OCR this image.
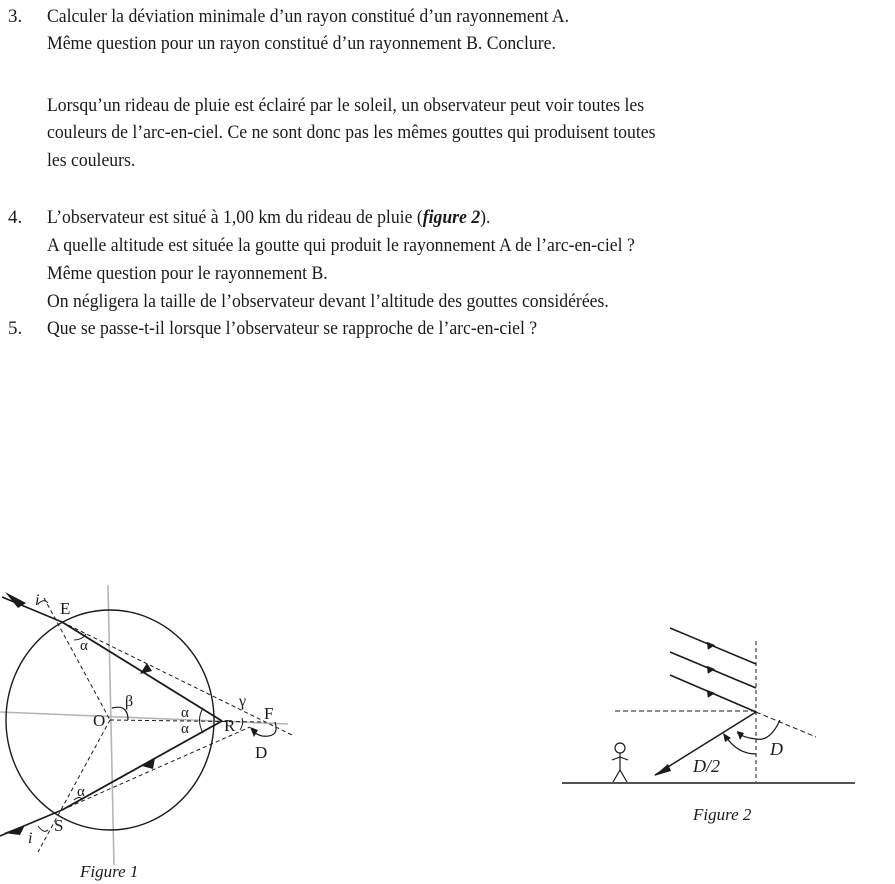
3. Calculer la déviation minimale d’un rayon constitué d’un rayonnement A.
Même question pour un rayon constitué d’un rayonnement B. Conclure.
Lorsqu’un rideau de pluie est éclairé par le soleil, un observateur peut voir toutes les
couleurs de l’arc-en-ciel. Ce ne sont donc pas les mêmes gouttes qui produisent toutes
les couleurs.
4. L’observateur est situé à 1,00 km du rideau de pluie (figure 2).
A quelle altitude est située la goutte qui produit le rayonnement A de l’arc-en-ciel ?
Même question pour le rayonnement B.
On négligera la taille de l’observateur devant l’altitude des gouttes considérées.
5. Que se passe-t-il lorsque l’observateur se rapproche de l’arc-en-ciel ?
E
i
α
β
O	α
α R
γ
F
D
α
S
i
Figure 1
D
D/2
Figure 2
